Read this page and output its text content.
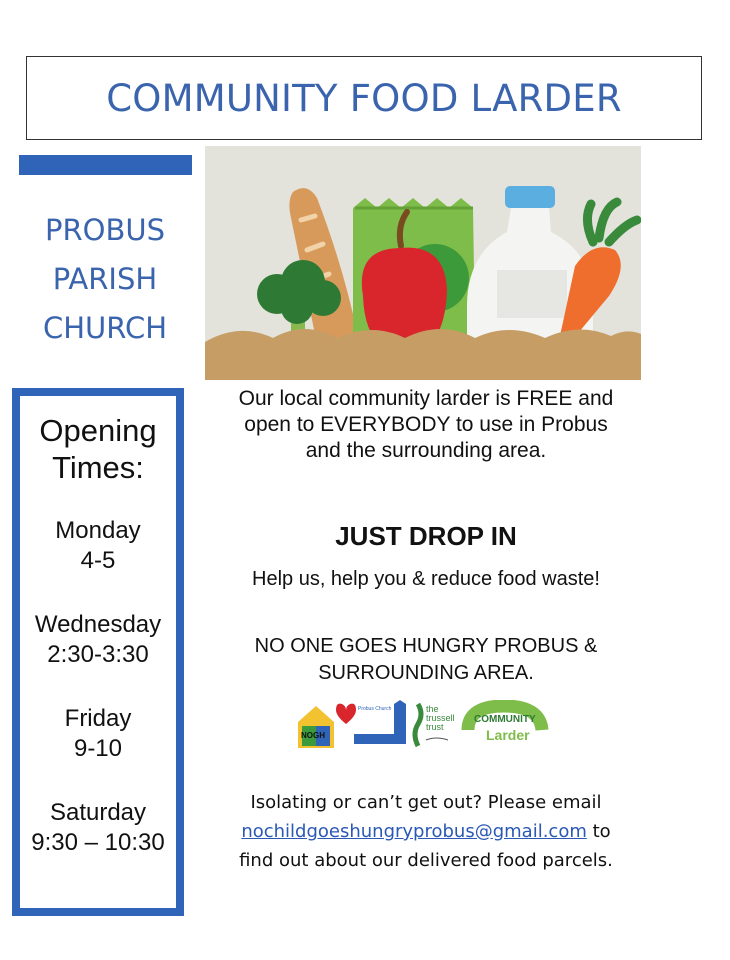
COMMUNITY FOOD LARDER
PROBUS
PARISH
CHURCH
Opening
Times:
Monday
4-5
Wednesday
2:30-3:30
Friday
9-10
Saturday
9:30 – 10:30
Our local community larder is FREE and
open to EVERYBODY to use in Probus
and the surrounding area.
JUST DROP IN
Help us, help you & reduce food waste!
NO ONE GOES HUNGRY PROBUS &
SURROUNDING AREA.
NOGH
Probus Church	the
trussell
trust
COMMUNITY
Larder
Isolating or can’t get out? Please email
nochildgoeshungryprobus@gmail.com to
find out about our delivered food parcels.
